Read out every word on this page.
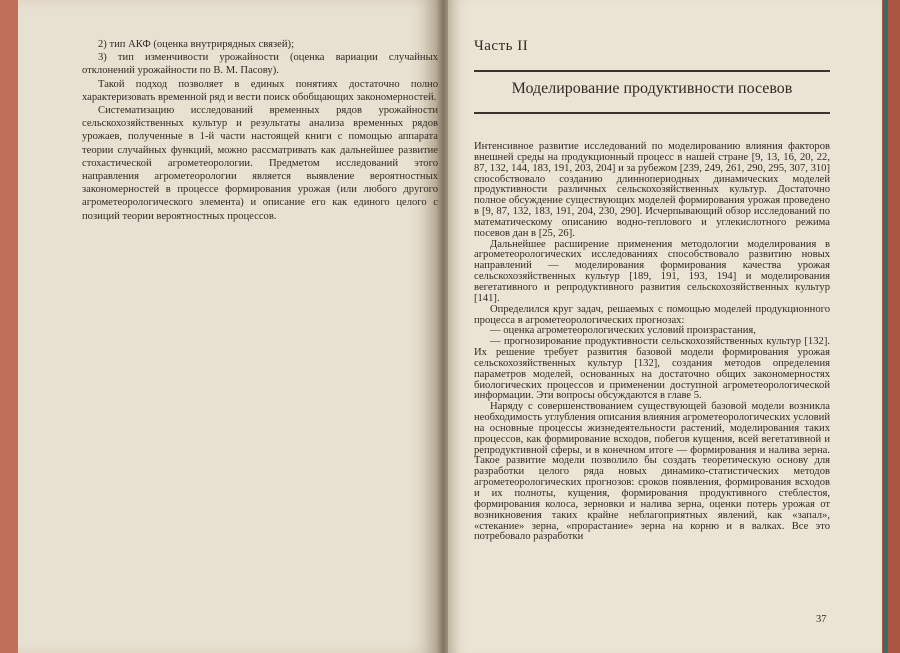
2) тип АКФ (оценка внутрирядных связей);

3) тип изменчивости урожайности (оценка вариации случайных отклонений урожайности по В. М. Пасову).

Такой подход позволяет в единых понятиях достаточно полно характеризовать временной ряд и вести поиск обобщающих закономерностей.

Систематизацию исследований временных рядов урожайности сельскохозяйственных культур и результаты анализа временных рядов урожаев, полученные в 1-й части настоящей книги с помощью аппарата теории случайных функций, можно рассматривать как дальнейшее развитие стохастической агрометеорологии. Предметом исследований этого направления агрометеорологии является выявление вероятностных закономерностей в процессе формирования урожая (или любого другого агрометеорологического элемента) и описание его как единого целого с позиций теории вероятностных процессов.

Часть II
Моделирование продуктивности посевов

Интенсивное развитие исследований по моделированию влияния факторов внешней среды на продукционный процесс в нашей стране [9, 13, 16, 20, 22, 87, 132, 144, 183, 191, 203, 204] и за рубежом [239, 249, 261, 290, 295, 307, 310] способствовало созданию длиннопериодных динамических моделей продуктивности различных сельскохозяйственных культур. Достаточно полное обсуждение существующих моделей формирования урожая проведено в [9, 87, 132, 183, 191, 204, 230, 290]. Исчерпывающий обзор исследований по математическому описанию водно-теплового и углекислотного режима посевов дан в [25, 26].

Дальнейшее расширение применения методологии моделирования в агрометеорологических исследованиях способствовало развитию новых направлений — моделирования формирования качества урожая сельскохозяйственных культур [189, 191, 193, 194] и моделирования вегетативного и репродуктивного развития сельскохозяйственных культур [141].

Определился круг задач, решаемых с помощью моделей продукционного процесса в агрометеорологических прогнозах:

— оценка агрометеорологических условий произрастания,

— прогнозирование продуктивности сельскохозяйственных культур [132]. Их решение требует развития базовой модели формирования урожая сельскохозяйственных культур [132], создания методов определения параметров моделей, основанных на достаточно общих закономерностях биологических процессов и применении доступной агрометеорологической информации. Эти вопросы обсуждаются в главе 5.

Наряду с совершенствованием существующей базовой модели возникла необходимость углубления описания влияния агрометеорологических условий на основные процессы жизнедеятельности растений, моделирования таких процессов, как формирование всходов, побегов кущения, всей вегетативной и репродуктивной сферы, и в конечном итоге — формирования и налива зерна. Такое развитие модели позволило бы создать теоретическую основу для разработки целого ряда новых динамико-статистических методов агрометеорологических прогнозов: сроков появления, формирования всходов и их полноты, кущения, формирования продуктивного стеблестоя, формирования колоса, зерновки и налива зерна, оценки потерь урожая от возникновения таких крайне неблагоприятных явлений, как «запал», «стекание» зерна, «прорастание» зерна на корню и в валках. Все это потребовало разработки

37
